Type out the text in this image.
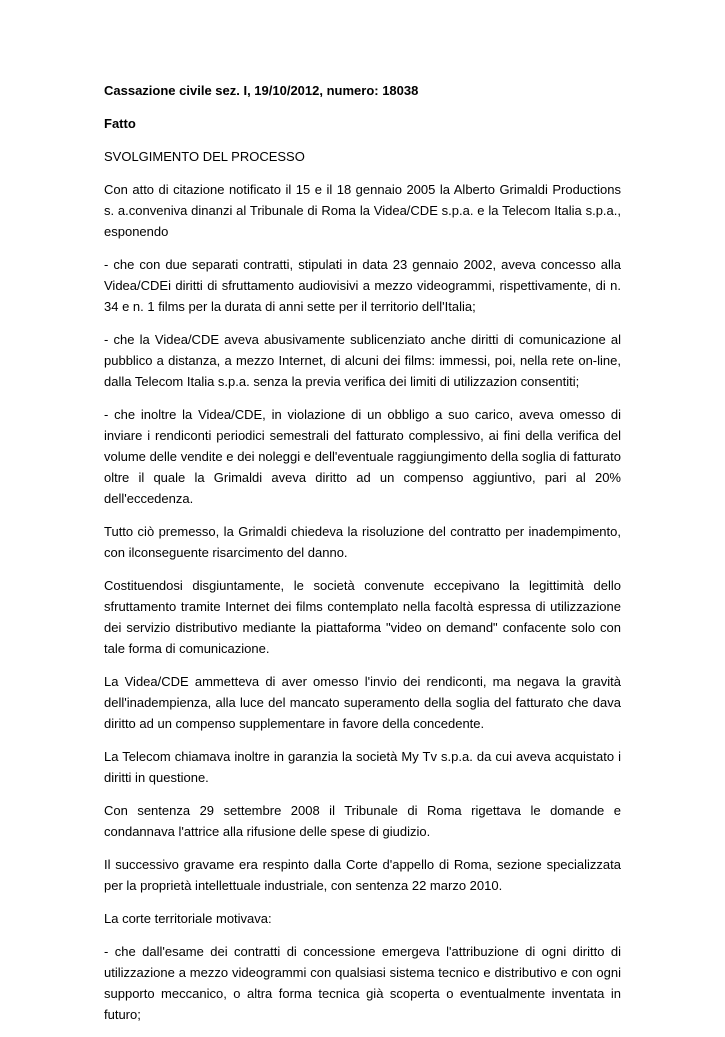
Cassazione civile sez. I, 19/10/2012, numero: 18038

Fatto

SVOLGIMENTO DEL PROCESSO

Con atto di citazione notificato il 15 e il 18 gennaio 2005 la Alberto Grimaldi Productions s. a.conveniva dinanzi al Tribunale di Roma la Videa/CDE s.p.a. e la Telecom Italia s.p.a., esponendo

- che con due separati contratti, stipulati in data 23 gennaio 2002, aveva concesso alla Videa/CDEi diritti di sfruttamento audiovisivi a mezzo videogrammi, rispettivamente, di n. 34 e n. 1 films per la durata di anni sette per il territorio dell'Italia;

- che la Videa/CDE aveva abusivamente sublicenziato anche diritti di comunicazione al pubblico a distanza, a mezzo Internet, di alcuni dei films: immessi, poi, nella rete on-line, dalla Telecom Italia s.p.a. senza la previa verifica dei limiti di utilizzazion consentiti;

- che inoltre la Videa/CDE, in violazione di un obbligo a suo carico, aveva omesso di inviare i rendiconti periodici semestrali del fatturato complessivo, ai fini della verifica del volume delle vendite e dei noleggi e dell'eventuale raggiungimento della soglia di fatturato oltre il quale la Grimaldi aveva diritto ad un compenso aggiuntivo, pari al 20% dell'eccedenza.

Tutto ciò premesso, la Grimaldi chiedeva la risoluzione del contratto per inadempimento, con ilconseguente risarcimento del danno.

Costituendosi disgiuntamente, le società convenute eccepivano la legittimità dello sfruttamento tramite Internet dei films contemplato nella facoltà espressa di utilizzazione dei servizio distributivo mediante la piattaforma "video on demand" confacente solo con tale forma di comunicazione.

La Videa/CDE ammetteva di aver omesso l'invio dei rendiconti, ma negava la gravità dell'inadempienza, alla luce del mancato superamento della soglia del fatturato che dava diritto ad un compenso supplementare in favore della concedente.

La Telecom chiamava inoltre in garanzia la società My Tv s.p.a. da cui aveva acquistato i diritti in questione.

Con sentenza 29 settembre 2008 il Tribunale di Roma rigettava le domande e condannava l'attrice alla rifusione delle spese di giudizio.

Il successivo gravame era respinto dalla Corte d'appello di Roma, sezione specializzata per la proprietà intellettuale industriale, con sentenza 22 marzo 2010.

La corte territoriale motivava:

- che dall'esame dei contratti di concessione emergeva l'attribuzione di ogni diritto di utilizzazione a mezzo videogrammi con qualsiasi sistema tecnico e distributivo e con ogni supporto meccanico, o altra forma tecnica già scoperta o eventualmente inventata in futuro;
